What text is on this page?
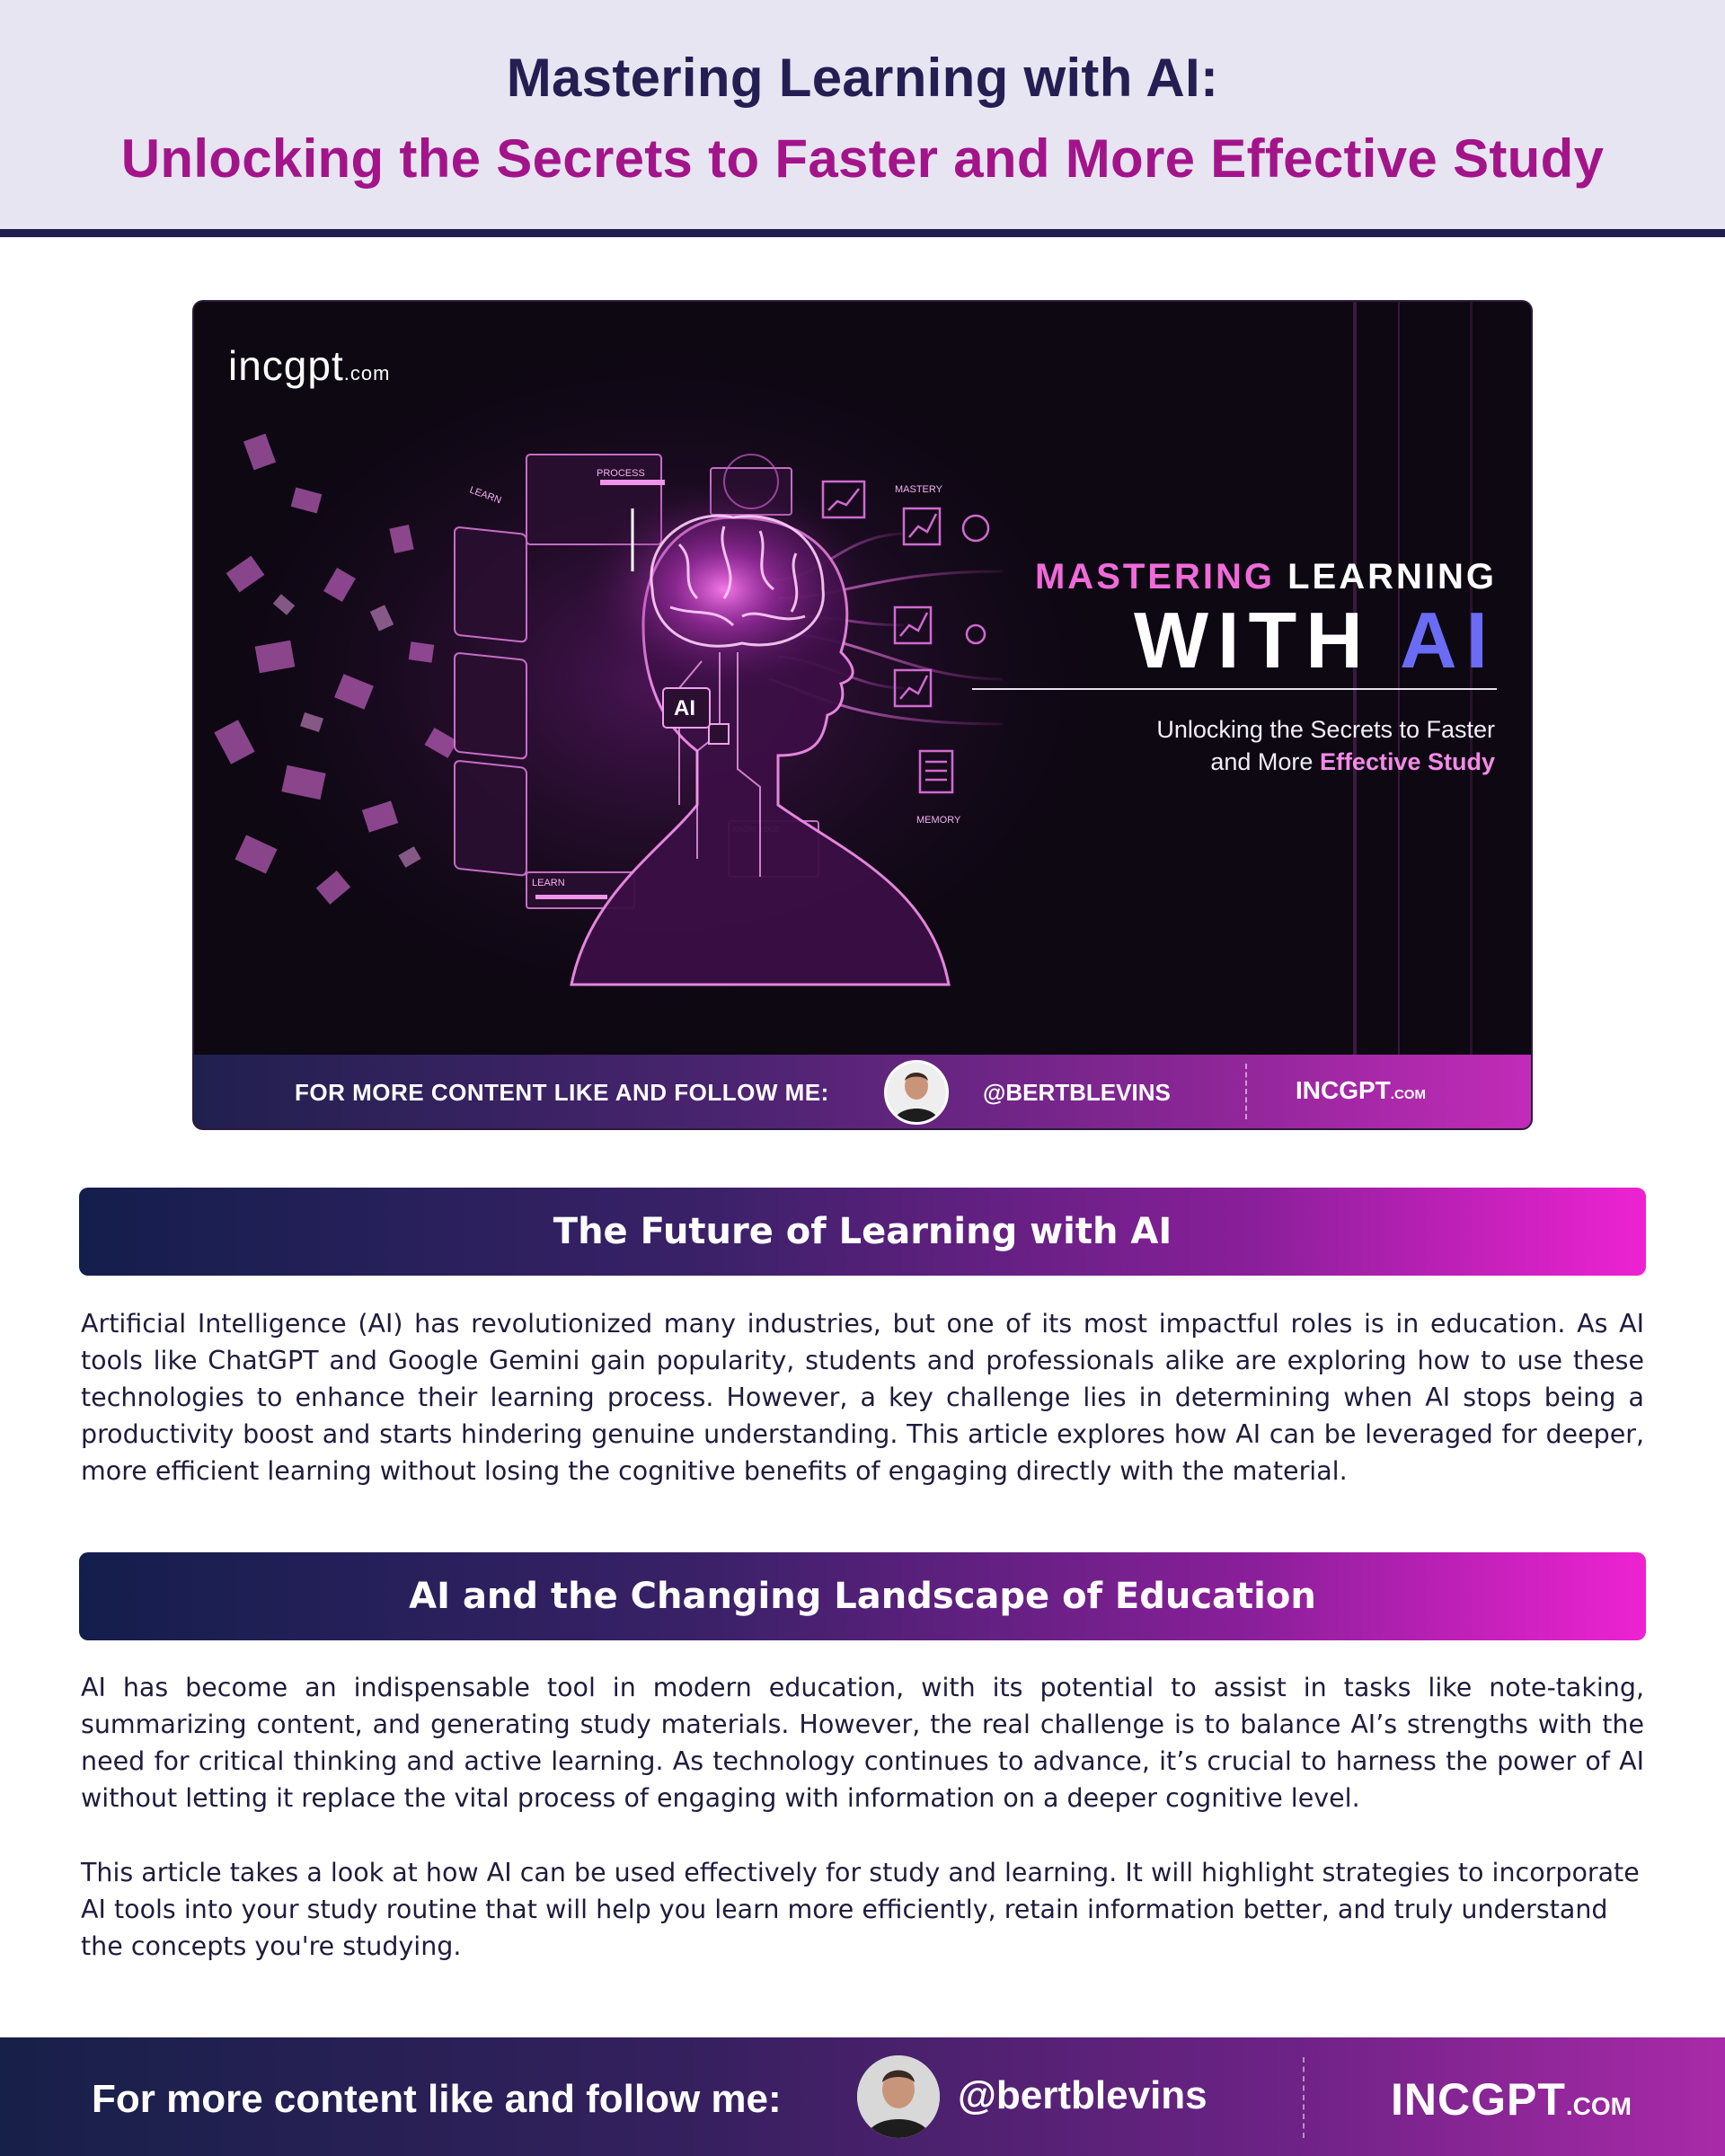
Mastering Learning with AI:
Unlocking the Secrets to Faster and More Effective Study
PROCESS
LEARN	MASTERY
MEMORY
LEARN
AI
incgpt.com
MASTERING LEARNING
WITH AI
Unlocking the Secrets to Faster
and More Effective Study
FOR MORE CONTENT LIKE AND FOLLOW ME:	@BERTBLEVINS	INCGPT.COM
The Future of Learning with AI

Artificial Intelligence (AI) has revolutionized many industries, but one of its most impactful roles is in education. As AI tools like ChatGPT and Google Gemini gain popularity, students and professionals alike are exploring how to use these technologies to enhance their learning process. However, a key challenge lies in determining when AI stops being a productivity boost and starts hindering genuine understanding. This article explores how AI can be leveraged for deeper, more efficient learning without losing the cognitive benefits of engaging directly with the material.

AI and the Changing Landscape of Education

AI has become an indispensable tool in modern education, with its potential to assist in tasks like note-taking, summarizing content, and generating study materials. However, the real challenge is to balance AI’s strengths with the need for critical thinking and active learning. As technology continues to advance, it’s crucial to harness the power of AI without letting it replace the vital process of engaging with information on a deeper cognitive level.

This article takes a look at how AI can be used effectively for study and learning. It will highlight strategies to incorporate AI tools into your study routine that will help you learn more efficiently, retain information better, and truly understand the concepts you're studying.

For more content like and follow me:	@bertblevins	INCGPT.COM
